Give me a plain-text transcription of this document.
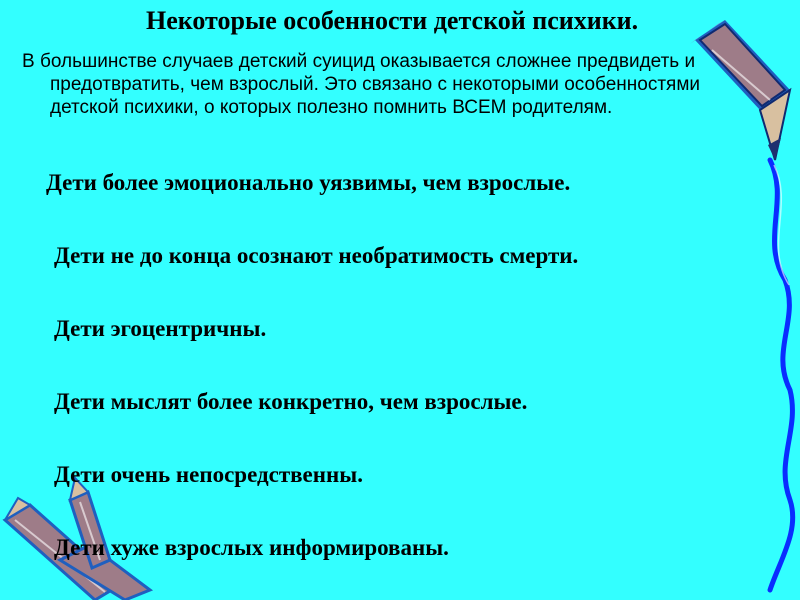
Некоторые особенности детской психики.

В большинстве случаев детский суицид оказывается сложнее предвидеть и предотвратить, чем взрослый. Это связано с некоторыми особенностями детской психики, о которых полезно помнить ВСЕМ родителям.

Дети более эмоционально уязвимы, чем взрослые.

Дети не до конца осознают необратимость смерти.

Дети эгоцентричны.

Дети мыслят более конкретно, чем взрослые.

Дети очень непосредственны.

Дети хуже взрослых информированы.
